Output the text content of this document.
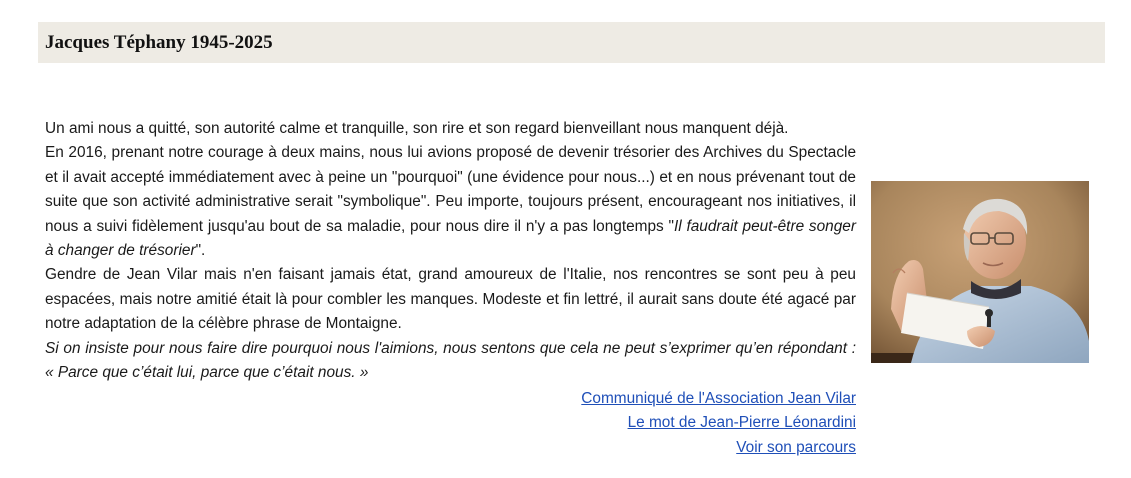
Jacques Téphany 1945-2025

Un ami nous a quitté, son autorité calme et tranquille, son rire et son regard bienveillant nous manquent déjà.

En 2016, prenant notre courage à deux mains, nous lui avions proposé de devenir trésorier des Archives du Spectacle et il avait accepté immédiatement avec à peine un "pourquoi" (une évidence pour nous...) et en nous prévenant tout de suite que son activité administrative serait "symbolique". Peu importe, toujours présent, encourageant nos initiatives, il nous a suivi fidèlement jusqu'au bout de sa maladie, pour nous dire il n'y a pas longtemps "Il faudrait peut-être songer à changer de trésorier".

Gendre de Jean Vilar mais n'en faisant jamais état, grand amoureux de l'Italie, nos rencontres se sont peu à peu espacées, mais notre amitié était là pour combler les manques. Modeste et fin lettré, il aurait sans doute été agacé par notre adaptation de la célèbre phrase de Montaigne.

Si on insiste pour nous faire dire pourquoi nous l'aimions, nous sentons que cela ne peut s’exprimer qu’en répondant : « Parce que c’était lui, parce que c’était nous. »

Communiqué de l'Association Jean Vilar
Le mot de Jean-Pierre Léonardini
Voir son parcours
